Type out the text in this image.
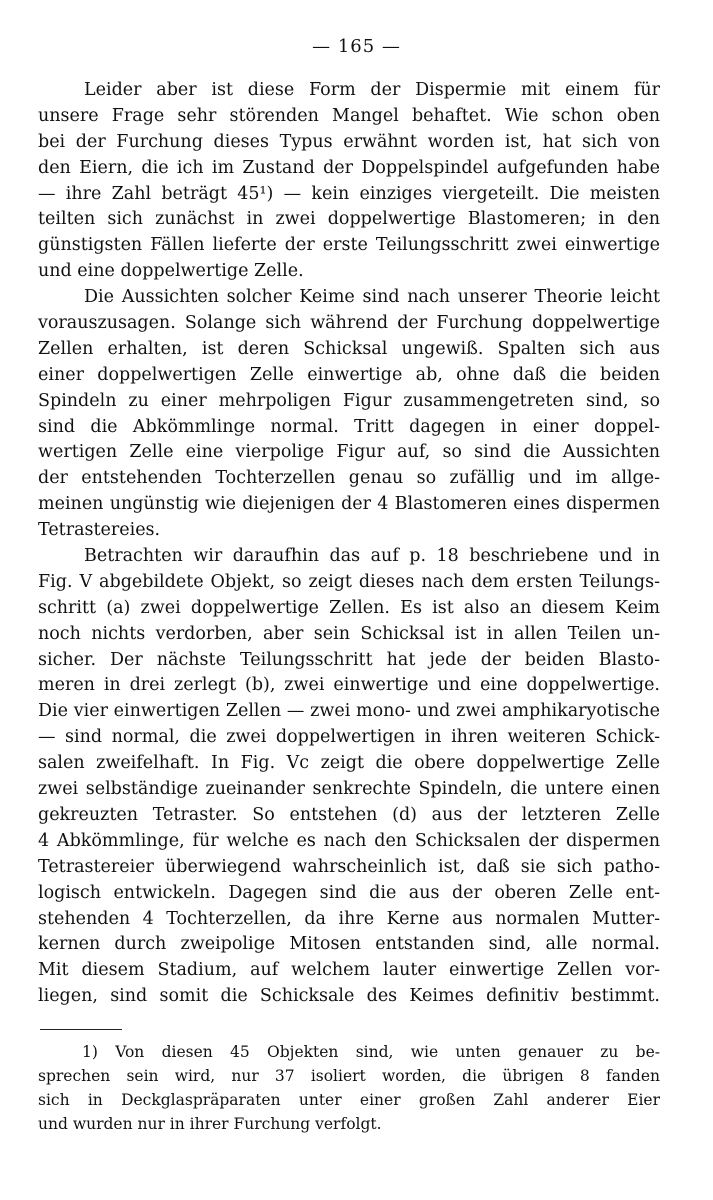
— 165 —
Leider aber ist diese Form der Dispermie mit einem für
unsere Frage sehr störenden Mangel behaftet. Wie schon oben
bei der Furchung dieses Typus erwähnt worden ist, hat sich von
den Eiern, die ich im Zustand der Doppelspindel aufgefunden habe
— ihre Zahl beträgt 45¹) — kein einziges viergeteilt. Die meisten
teilten sich zunächst in zwei doppelwertige Blastomeren; in den
günstigsten Fällen lieferte der erste Teilungsschritt zwei einwertige
und eine doppelwertige Zelle.
Die Aussichten solcher Keime sind nach unserer Theorie leicht
vorauszusagen. Solange sich während der Furchung doppelwertige
Zellen erhalten, ist deren Schicksal ungewiß. Spalten sich aus
einer doppelwertigen Zelle einwertige ab, ohne daß die beiden
Spindeln zu einer mehrpoligen Figur zusammengetreten sind, so
sind die Abkömmlinge normal. Tritt dagegen in einer doppel-
wertigen Zelle eine vierpolige Figur auf, so sind die Aussichten
der entstehenden Tochterzellen genau so zufällig und im allge-
meinen ungünstig wie diejenigen der 4 Blastomeren eines dispermen
Tetrastereies.
Betrachten wir daraufhin das auf p. 18 beschriebene und in
Fig. V abgebildete Objekt, so zeigt dieses nach dem ersten Teilungs-
schritt (a) zwei doppelwertige Zellen. Es ist also an diesem Keim
noch nichts verdorben, aber sein Schicksal ist in allen Teilen un-
sicher. Der nächste Teilungsschritt hat jede der beiden Blasto-
meren in drei zerlegt (b), zwei einwertige und eine doppelwertige.
Die vier einwertigen Zellen — zwei mono- und zwei amphikaryotische
— sind normal, die zwei doppelwertigen in ihren weiteren Schick-
salen zweifelhaft. In Fig. Vc zeigt die obere doppelwertige Zelle
zwei selbständige zueinander senkrechte Spindeln, die untere einen
gekreuzten Tetraster. So entstehen (d) aus der letzteren Zelle
4 Abkömmlinge, für welche es nach den Schicksalen der dispermen
Tetrastereier überwiegend wahrscheinlich ist, daß sie sich patho-
logisch entwickeln. Dagegen sind die aus der oberen Zelle ent-
stehenden 4 Tochterzellen, da ihre Kerne aus normalen Mutter-
kernen durch zweipolige Mitosen entstanden sind, alle normal.
Mit diesem Stadium, auf welchem lauter einwertige Zellen vor-
liegen, sind somit die Schicksale des Keimes definitiv bestimmt.
1) Von diesen 45 Objekten sind, wie unten genauer zu be-
sprechen sein wird, nur 37 isoliert worden, die übrigen 8 fanden
sich in Deckglaspräparaten unter einer großen Zahl anderer Eier
und wurden nur in ihrer Furchung verfolgt.
